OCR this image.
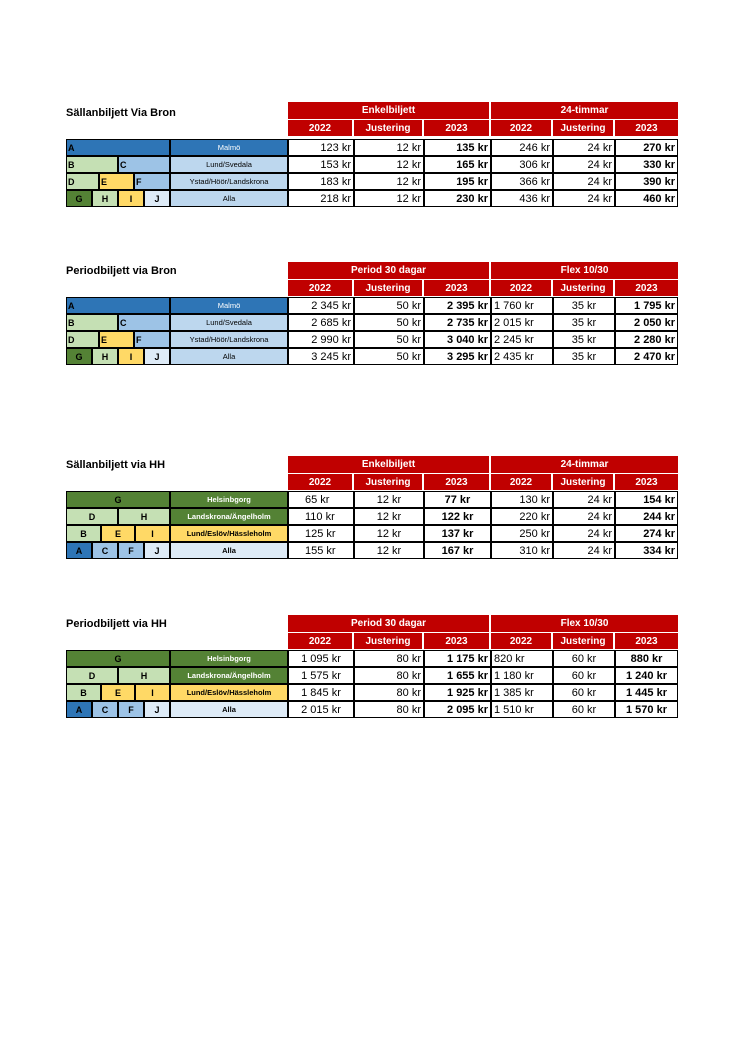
Sällanbiljett Via Bron	Enkelbiljett	24-timmar
2022	Justering	2023	2022	Justering	2023
A	Malmö	123 kr	12 kr	135 kr	246 kr	24 kr	270 kr
B	C	Lund/Svedala	153 kr	12 kr	165 kr	306 kr	24 kr	330 kr
D	E	F	Ystad/Höör/Landskrona	183 kr	12 kr	195 kr	366 kr	24 kr	390 kr
G	H	I	J	Alla	218 kr	12 kr	230 kr	436 kr	24 kr	460 kr
Periodbiljett via Bron	Period 30 dagar	Flex 10/30
2022	Justering	2023	2022	Justering	2023
A	Malmö	2 345 kr	50 kr	2 395 kr 1 760 kr	35 kr	1 795 kr
B	C	Lund/Svedala	2 685 kr	50 kr	2 735 kr 2 015 kr	35 kr	2 050 kr
D	E	F	Ystad/Höör/Landskrona	2 990 kr	50 kr	3 040 kr 2 245 kr	35 kr	2 280 kr
G	H	I	J	Alla	3 245 kr	50 kr	3 295 kr 2 435 kr	35 kr	2 470 kr
Sällanbiljett via HH	Enkelbiljett	24-timmar
2022	Justering	2023	2022	Justering	2023
G	Helsinbgorg	65 kr	12 kr	77 kr	130 kr	24 kr	154 kr
D	H	Landskrona/Ängelholm	110 kr	12 kr	122 kr	220 kr	24 kr	244 kr
B	E	I	Lund/Eslöv/Hässleholm	125 kr	12 kr	137 kr	250 kr	24 kr	274 kr
A	C	F	J	Alla	155 kr	12 kr	167 kr	310 kr	24 kr	334 kr
Periodbiljett via HH	Period 30 dagar	Flex 10/30
2022	Justering	2023	2022	Justering	2023
G	Helsinbgorg	1 095 kr	80 kr	1 175 kr 820 kr	60 kr	880 kr
D	H	Landskrona/Ängelholm	1 575 kr	80 kr	1 655 kr 1 180 kr	60 kr	1 240 kr
B	E	I	Lund/Eslöv/Hässleholm	1 845 kr	80 kr	1 925 kr 1 385 kr	60 kr	1 445 kr
A	C	F	J	Alla	2 015 kr	80 kr	2 095 kr 1 510 kr	60 kr	1 570 kr
